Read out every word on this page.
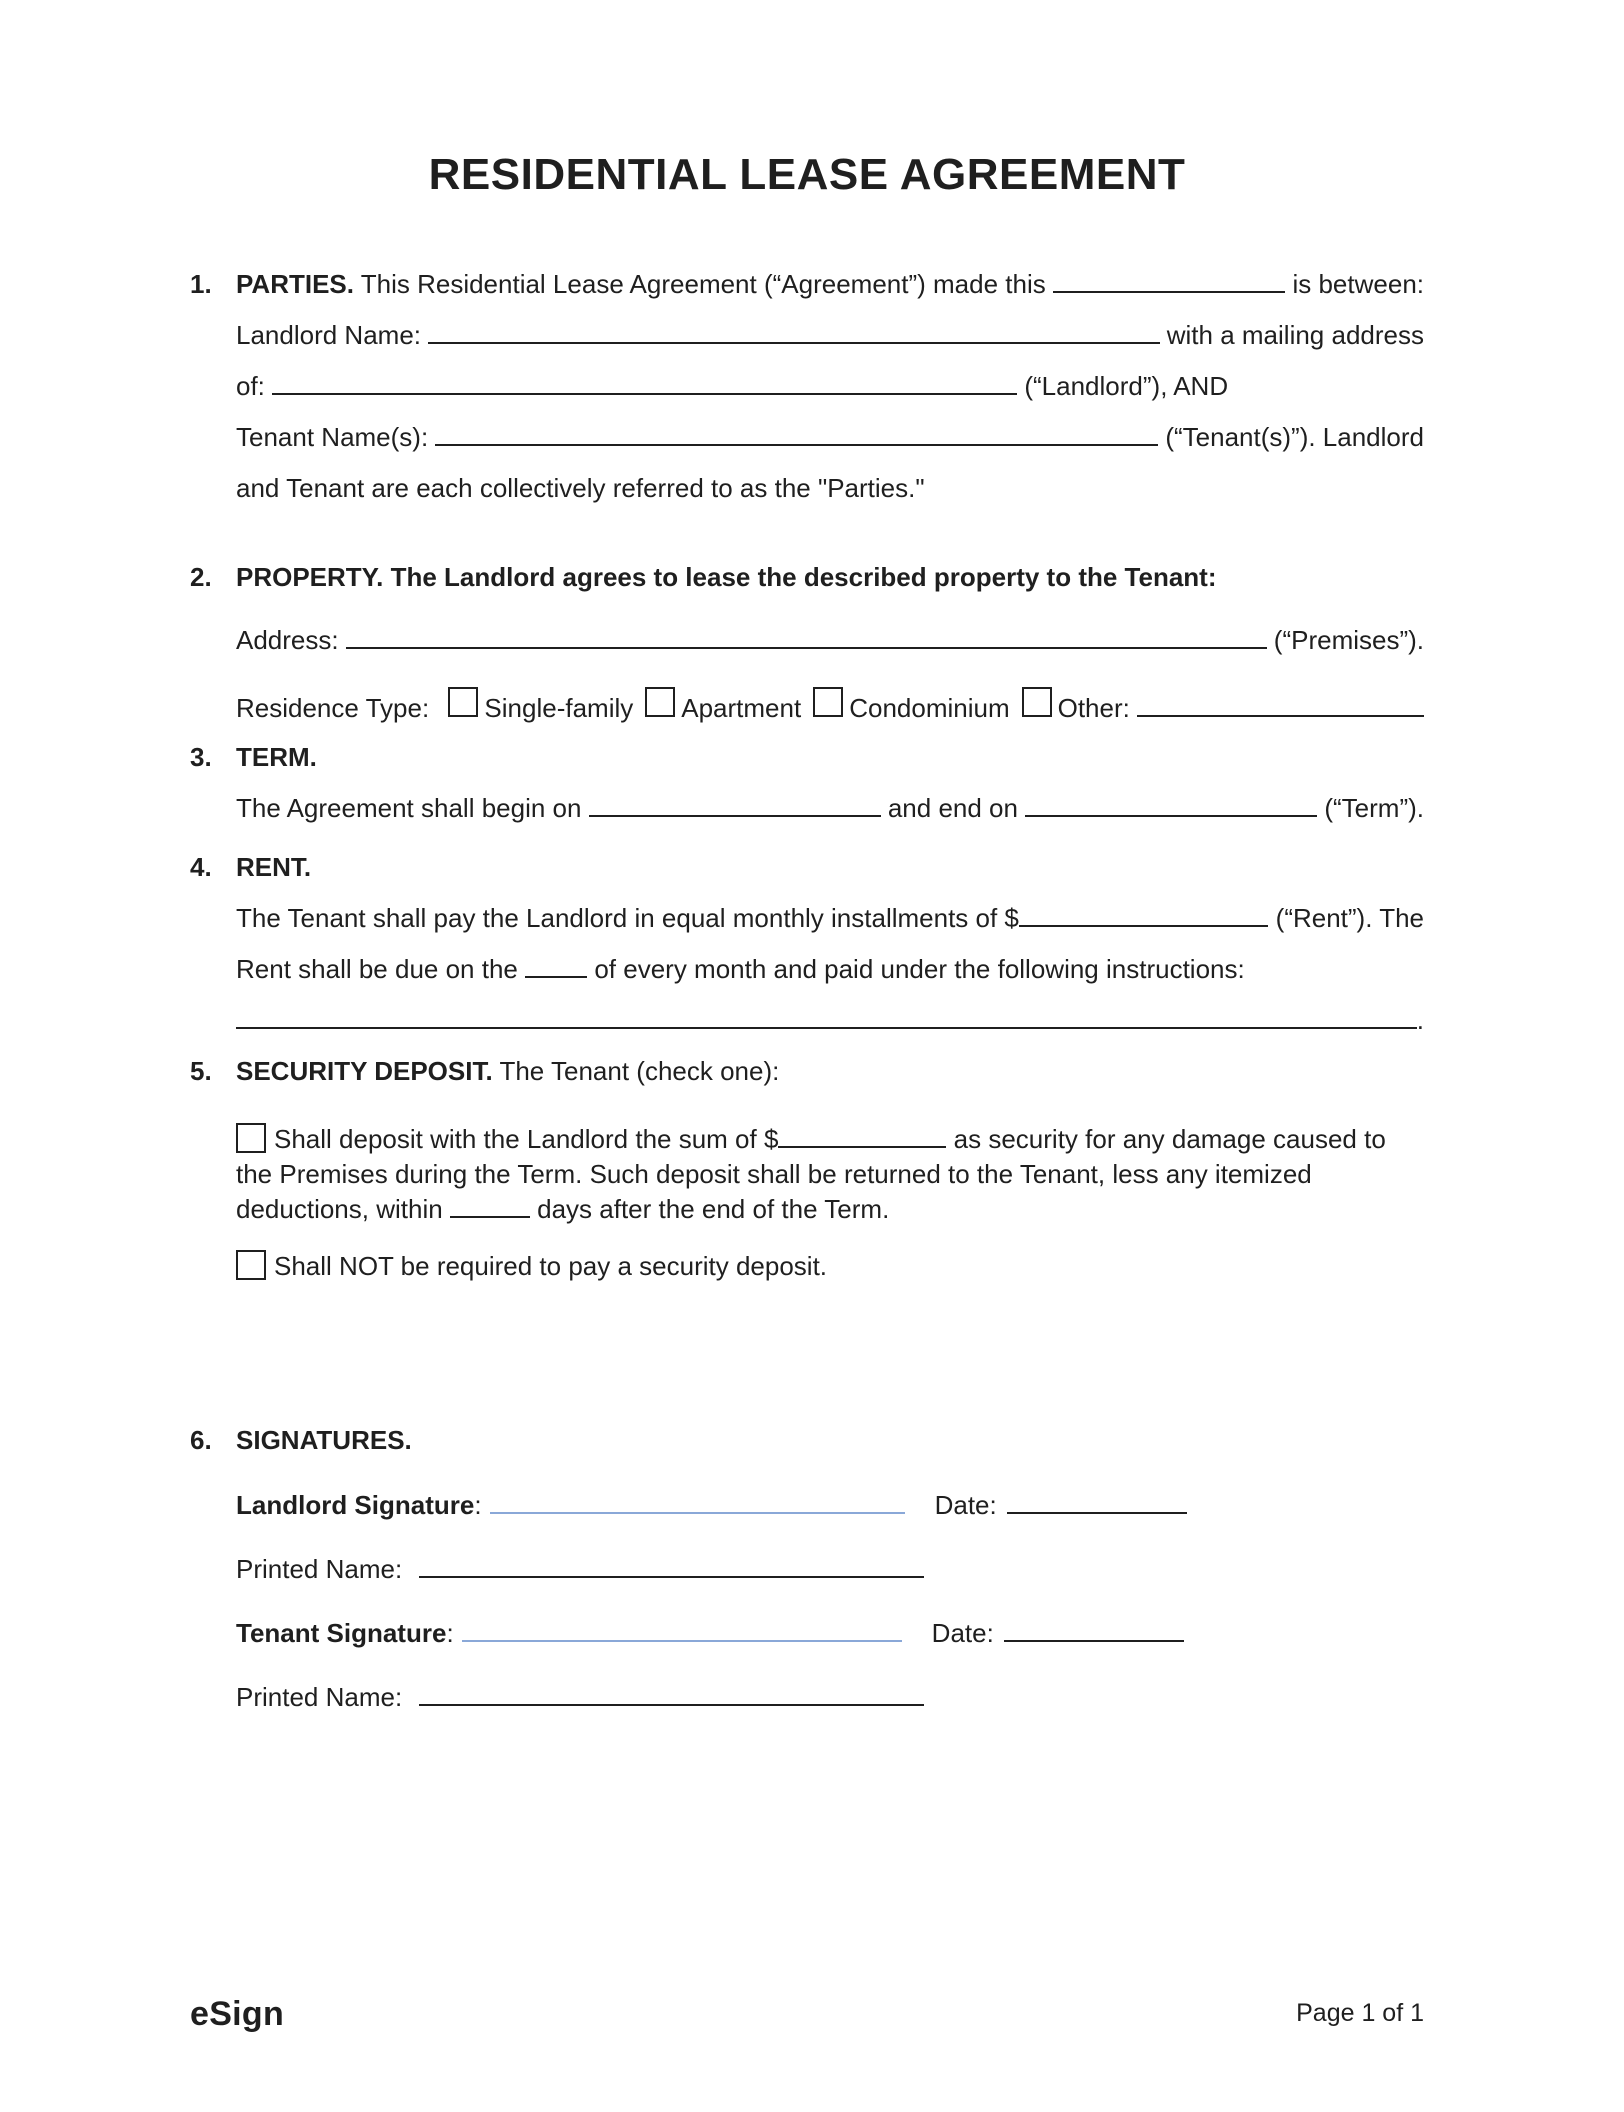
RESIDENTIAL LEASE AGREEMENT
1. PARTIES. This Residential Lease Agreement (“Agreement”) made this	is between:
Landlord Name:	with a mailing address
of:	(“Landlord”), AND
Tenant Name(s):	(“Tenant(s)”). Landlord
and Tenant are each collectively referred to as the "Parties."
2. PROPERTY. The Landlord agrees to lease the described property to the Tenant:
Address:	(“Premises”).
Residence Type: Single-family Apartment Condominium Other:
3. TERM.
The Agreement shall begin on	and end on	(“Term”).
4. RENT.
The Tenant shall pay the Landlord in equal monthly installments of $	(“Rent”). The
Rent shall be due on the of every month and paid under the following instructions:
.
5. SECURITY DEPOSIT. The Tenant (check one):
Shall deposit with the Landlord the sum of $	as security for any damage caused to the Premises during the Term. Such deposit shall be returned to the Tenant, less any itemized deductions, within	days after the end of the Term.
Shall NOT be required to pay a security deposit.
6. SIGNATURES.
Landlord Signature :	Date:
Printed Name:
Tenant Signature :	Date:
Printed Name:
eSign	Page 1 of 1
